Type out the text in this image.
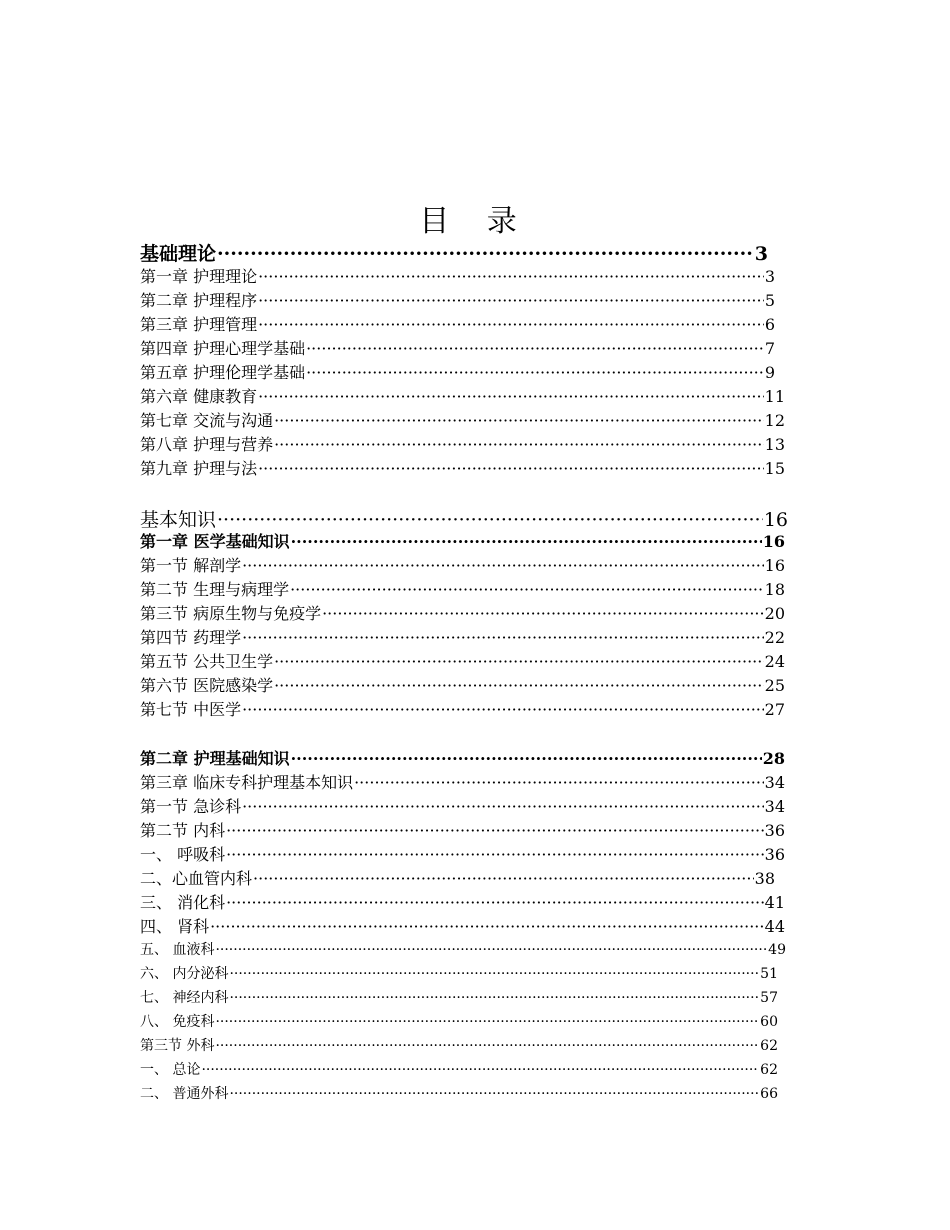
目 录
基础理论 ·····	3
第一章 护理理论 ·····	3
第二章 护理程序 ·····	5
第三章 护理管理 ·····	6
第四章 护理心理学基础 ·····	7
第五章 护理伦理学基础 ·····	9
第六章 健康教育 ·····	11
第七章 交流与沟通 ·····	12
第八章 护理与营养 ·····	13
第九章 护理与法 ·····	15
基本知识 ·····	16
第一章 医学基础知识 ·····	16
第一节 解剖学 ·····	16
第二节 生理与病理学 ·····	18
第三节 病原生物与免疫学 ·····	20
第四节 药理学 ·····	22
第五节 公共卫生学 ·····	24
第六节 医院感染学 ·····	25
第七节 中医学 ·····	27
第二章 护理基础知识 ·····	28
第三章 临床专科护理基本知识 ·····	34
第一节 急诊科 ·····	34
第二节 内科 ·····	36
一、 呼吸科 ·····	36
二、心血管内科 ·····	38
三、 消化科 ·····	41
四、 肾科 ·····	44
五、 血液科 ·····	49
六、 内分泌科 ·····	51
七、 神经内科 ·····	57
八、 免疫科 ·····	60
第三节 外科 ·····	62
一、 总论 ·····	62
二、 普通外科 ·····	66
